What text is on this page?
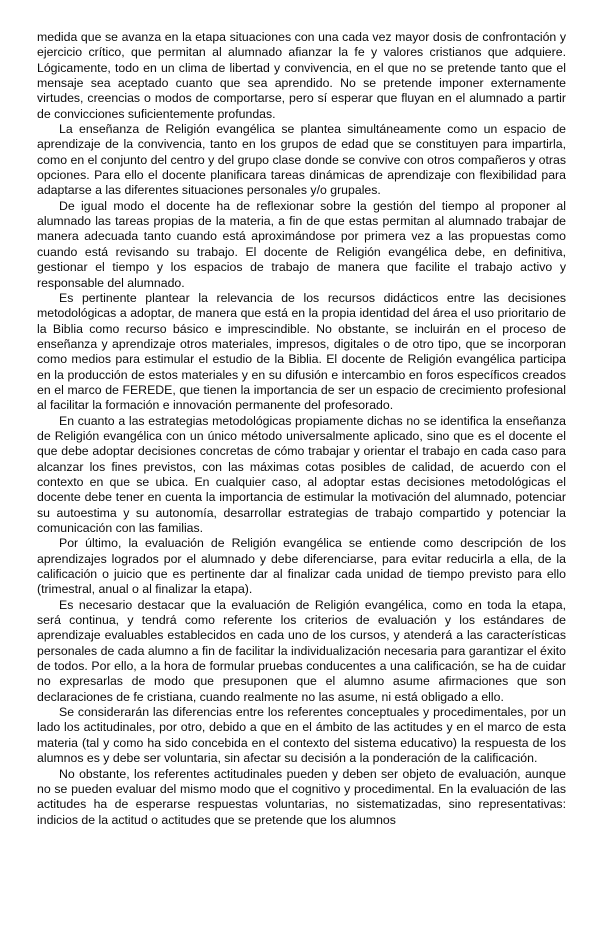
medida que se avanza en la etapa situaciones con una cada vez mayor dosis de confrontación y ejercicio crítico, que permitan al alumnado afianzar la fe y valores cristianos que adquiere. Lógicamente, todo en un clima de libertad y convivencia, en el que no se pretende tanto que el mensaje sea aceptado cuanto que sea aprendido. No se pretende imponer externamente virtudes, creencias o modos de comportarse, pero sí esperar que fluyan en el alumnado a partir de convicciones suficientemente profundas.

La enseñanza de Religión evangélica se plantea simultáneamente como un espacio de aprendizaje de la convivencia, tanto en los grupos de edad que se constituyen para impartirla, como en el conjunto del centro y del grupo clase donde se convive con otros compañeros y otras opciones. Para ello el docente planificara tareas dinámicas de aprendizaje con flexibilidad para adaptarse a las diferentes situaciones personales y/o grupales.

De igual modo el docente ha de reflexionar sobre la gestión del tiempo al proponer al alumnado las tareas propias de la materia, a fin de que estas permitan al alumnado trabajar de manera adecuada tanto cuando está aproximándose por primera vez a las propuestas como cuando está revisando su trabajo. El docente de Religión evangélica debe, en definitiva, gestionar el tiempo y los espacios de trabajo de manera que facilite el trabajo activo y responsable del alumnado.

Es pertinente plantear la relevancia de los recursos didácticos entre las decisiones metodológicas a adoptar, de manera que está en la propia identidad del área el uso prioritario de la Biblia como recurso básico e imprescindible. No obstante, se incluirán en el proceso de enseñanza y aprendizaje otros materiales, impresos, digitales o de otro tipo, que se incorporan como medios para estimular el estudio de la Biblia. El docente de Religión evangélica participa en la producción de estos materiales y en su difusión e intercambio en foros específicos creados en el marco de FEREDE, que tienen la importancia de ser un espacio de crecimiento profesional al facilitar la formación e innovación permanente del profesorado.

En cuanto a las estrategias metodológicas propiamente dichas no se identifica la enseñanza de Religión evangélica con un único método universalmente aplicado, sino que es el docente el que debe adoptar decisiones concretas de cómo trabajar y orientar el trabajo en cada caso para alcanzar los fines previstos, con las máximas cotas posibles de calidad, de acuerdo con el contexto en que se ubica. En cualquier caso, al adoptar estas decisiones metodológicas el docente debe tener en cuenta la importancia de estimular la motivación del alumnado, potenciar su autoestima y su autonomía, desarrollar estrategias de trabajo compartido y potenciar la comunicación con las familias.

Por último, la evaluación de Religión evangélica se entiende como descripción de los aprendizajes logrados por el alumnado y debe diferenciarse, para evitar reducirla a ella, de la calificación o juicio que es pertinente dar al finalizar cada unidad de tiempo previsto para ello (trimestral, anual o al finalizar la etapa).

Es necesario destacar que la evaluación de Religión evangélica, como en toda la etapa, será continua, y tendrá como referente los criterios de evaluación y los estándares de aprendizaje evaluables establecidos en cada uno de los cursos, y atenderá a las características personales de cada alumno a fin de facilitar la individualización necesaria para garantizar el éxito de todos. Por ello, a la hora de formular pruebas conducentes a una calificación, se ha de cuidar no expresarlas de modo que presuponen que el alumno asume afirmaciones que son declaraciones de fe cristiana, cuando realmente no las asume, ni está obligado a ello.

Se considerarán las diferencias entre los referentes conceptuales y procedimentales, por un lado los actitudinales, por otro, debido a que en el ámbito de las actitudes y en el marco de esta materia (tal y como ha sido concebida en el contexto del sistema educativo) la respuesta de los alumnos es y debe ser voluntaria, sin afectar su decisión a la ponderación de la calificación.

No obstante, los referentes actitudinales pueden y deben ser objeto de evaluación, aunque no se pueden evaluar del mismo modo que el cognitivo y procedimental. En la evaluación de las actitudes ha de esperarse respuestas voluntarias, no sistematizadas, sino representativas: indicios de la actitud o actitudes que se pretende que los alumnos
